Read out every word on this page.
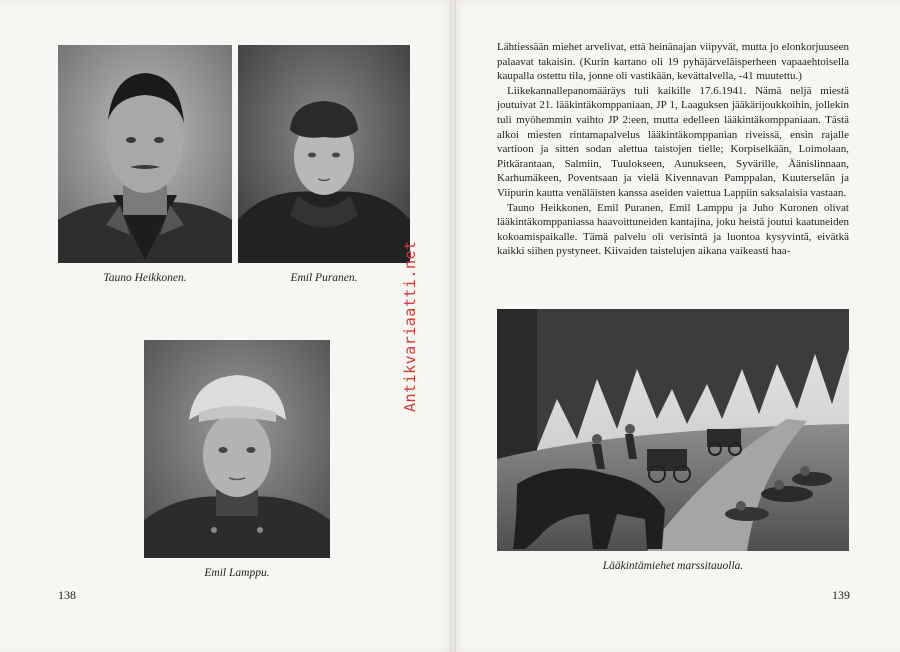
Tauno Heikkonen.	Emil Puranen.
Emil Lamppu.
138
Antikvariaatti.net

Lähtiessään miehet arvelivat, että heinänajan viipyvät, mutta jo elonkorjuuseen palaavat takaisin. (Kurin kartano oli 19 pyhäjärveläisperheen vapaaehtoisella kaupalla ostettu tila, jonne oli vastikään, kevättalvella, -41 muutettu.)

Liikekannallepanomääräys tuli kaikille 17.6.1941. Nämä neljä miestä joutuivat 21. lääkintäkomppaniaan, JP 1, Laaguksen jääkärijoukkoihin, jollekin tuli myöhemmin vaihto JP 2:een, mutta edelleen lääkintäkomppaniaan. Tästä alkoi miesten rintamapalvelus lääkintäkomppanian riveissä, ensin rajalle vartioon ja sitten sodan alettua taistojen tielle; Korpiselkään, Loimolaan, Pitkärantaan, Salmiin, Tuulokseen, Aunukseen, Syvärille, Äänislinnaan, Karhumäkeen, Poventsaan ja vielä Kivennavan Pamppalan, Kuuterselän ja Viipurin kautta venäläisten kanssa aseiden vaiettua Lappiin saksalaisia vastaan.

Tauno Heikkonen, Emil Puranen, Emil Lamppu ja Juho Kuronen olivat lääkintäkomppaniassa haavoittuneiden kantajina, joku heistä joutui kaatuneiden kokoamispaikalle. Tämä palvelu oli verisintä ja luontoa kysyvintä, eivätkä kaikki siihen pystyneet. Kiivaiden taistelujen aikana vaikeasti haa-

Lääkintämiehet marssitauolla.
139
